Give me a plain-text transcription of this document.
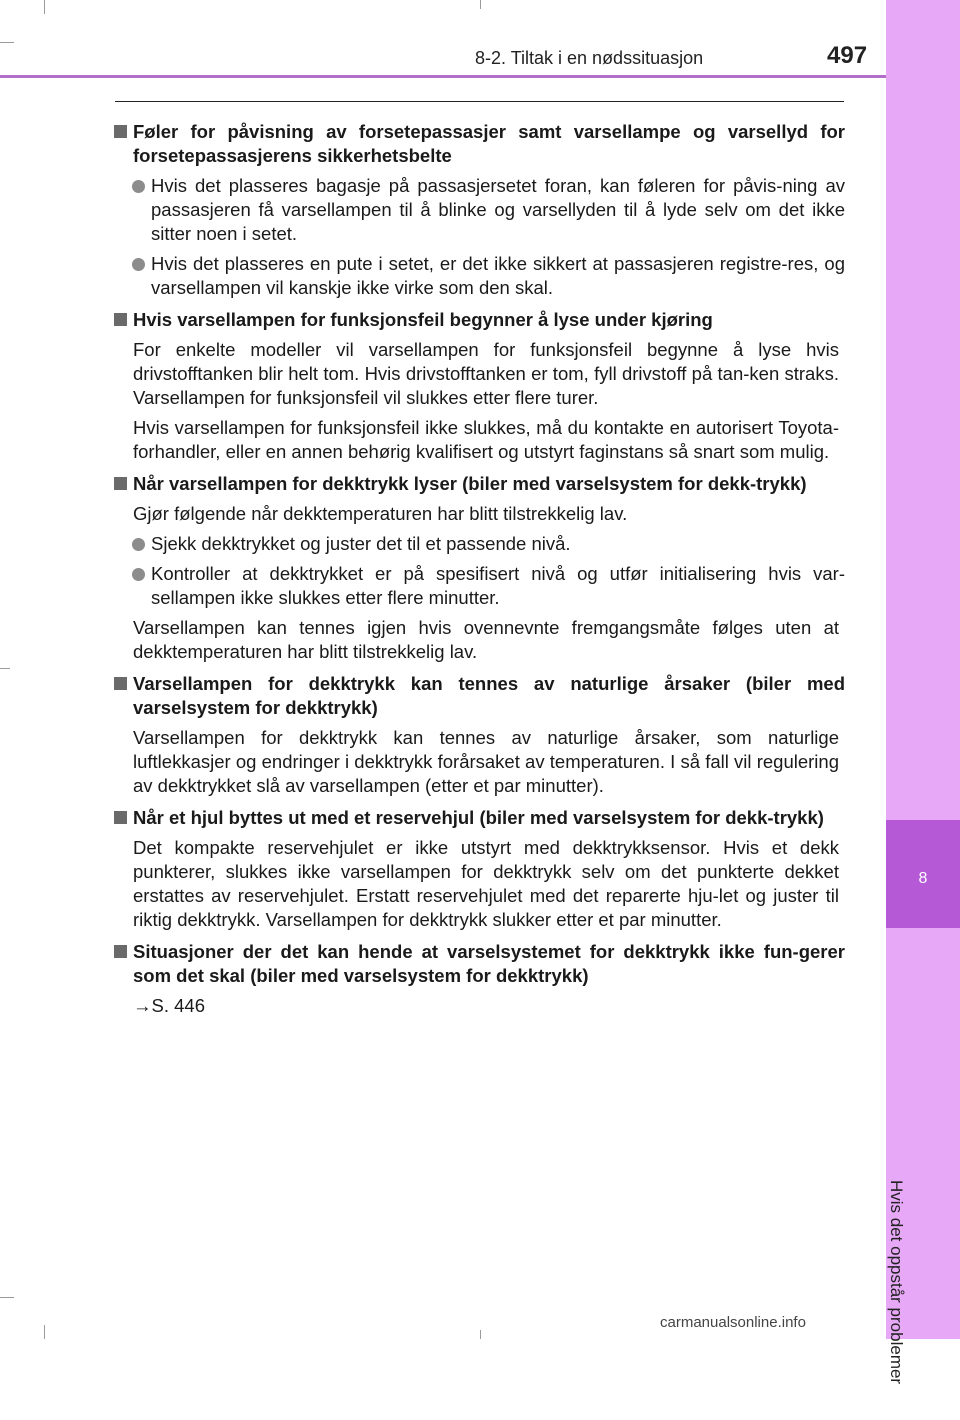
8
Hvis det oppstår problemer
8-2. Tiltak i en nødssituasjon	497
Føler for påvisning av forsetepassasjer samt varsellampe og varsellyd for forsetepassasjerens sikkerhetsbelte
Hvis det plasseres bagasje på passasjersetet foran, kan føleren for påvis-ning av passasjeren få varsellampen til å blinke og varsellyden til å lyde selv om det ikke sitter noen i setet.
Hvis det plasseres en pute i setet, er det ikke sikkert at passasjeren registre-res, og varsellampen vil kanskje ikke virke som den skal.
Hvis varsellampen for funksjonsfeil begynner å lyse under kjøring
For enkelte modeller vil varsellampen for funksjonsfeil begynne å lyse hvis drivstofftanken blir helt tom. Hvis drivstofftanken er tom, fyll drivstoff på tan-ken straks. Varsellampen for funksjonsfeil vil slukkes etter flere turer.
Hvis varsellampen for funksjonsfeil ikke slukkes, må du kontakte en autorisert Toyota-forhandler, eller en annen behørig kvalifisert og utstyrt faginstans så snart som mulig.
Når varsellampen for dekktrykk lyser (biler med varselsystem for dekk-trykk)
Gjør følgende når dekktemperaturen har blitt tilstrekkelig lav.
Sjekk dekktrykket og juster det til et passende nivå.
Kontroller at dekktrykket er på spesifisert nivå og utfør initialisering hvis var-sellampen ikke slukkes etter flere minutter.
Varsellampen kan tennes igjen hvis ovennevnte fremgangsmåte følges uten at dekktemperaturen har blitt tilstrekkelig lav.
Varsellampen for dekktrykk kan tennes av naturlige årsaker (biler med varselsystem for dekktrykk)
Varsellampen for dekktrykk kan tennes av naturlige årsaker, som naturlige luftlekkasjer og endringer i dekktrykk forårsaket av temperaturen. I så fall vil regulering av dekktrykket slå av varsellampen (etter et par minutter).
Når et hjul byttes ut med et reservehjul (biler med varselsystem for dekk-trykk)
Det kompakte reservehjulet er ikke utstyrt med dekktrykksensor. Hvis et dekk punkterer, slukkes ikke varsellampen for dekktrykk selv om det punkterte dekket erstattes av reservehjulet. Erstatt reservehjulet med det reparerte hju-let og juster til riktig dekktrykk. Varsellampen for dekktrykk slukker etter et par minutter.
Situasjoner der det kan hende at varselsystemet for dekktrykk ikke fun-gerer som det skal (biler med varselsystem for dekktrykk)
→S. 446
carmanualsonline.info
